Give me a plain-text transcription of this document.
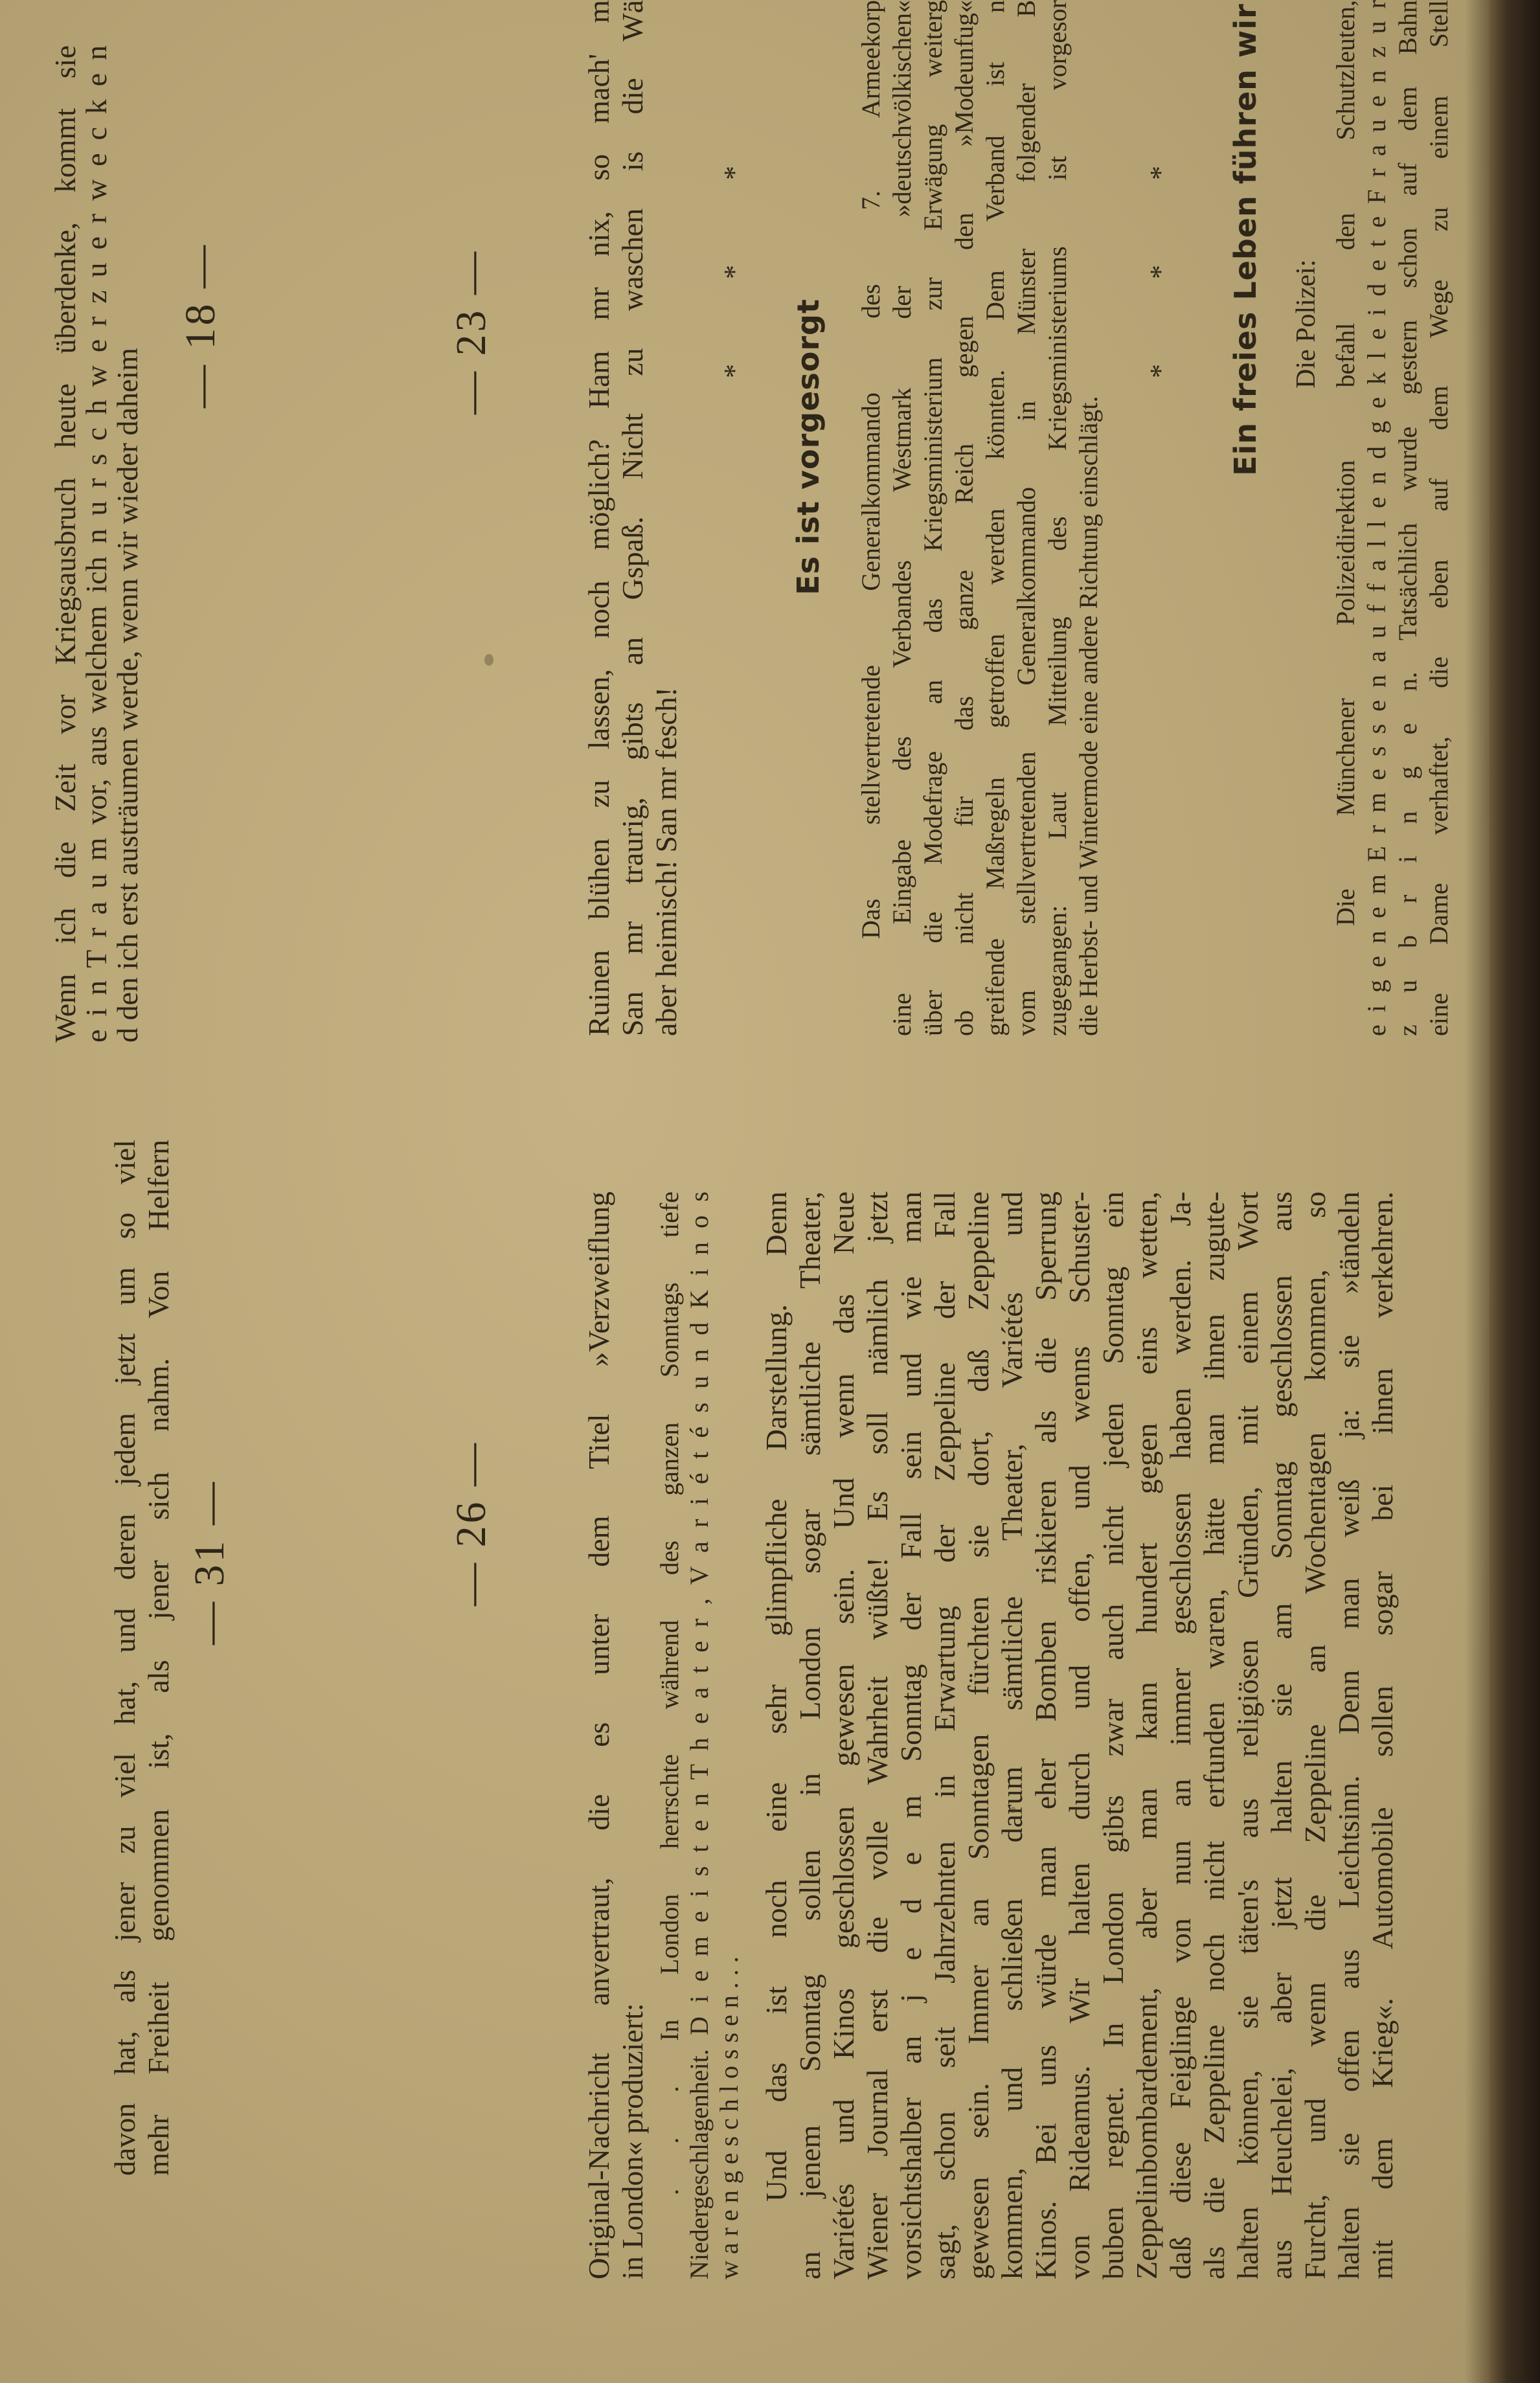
Wenn ich die Zeit vor Kriegsausbruch heute überdenke, kommt sie
e i n T r a u m vor, aus welchem ich n u r s c h w e r z u e r w e c k e n
d den ich erst austräumen werde, wenn wir wieder daheim
— 18 —	— 23 —	Ruinen blühen zu lassen, noch möglich? Ham mr nix, so mach' m San mr traurig, gibts an Gspaß. Nicht zu waschen is die Wä aber heimisch! San mr fesch!
* * *
Es ist vorgesorgt Das stellvertretende Generalkommando des 7. Armeekorp eine Eingabe des Verbandes Westmark der »deutschvölkischen« über die Modefrage an das Kriegsministerium zur Erwägung weiterg ob nicht für das ganze Reich gegen den »Modeunfug« greifende Maßregeln getroffen werden könnten. Dem Verband ist n vom stellvertretenden Generalkommando in Münster folgender B zugegangen: Laut Mitteilung des Kriegsministeriums ist vorgesor die Herbst- und Wintermode eine andere Richtung einschlägt.
* * * Ein freies Leben führen wir Die Polizei: Die Münchener Polizeidirektion befahl den Schutzleuten, e i g e n e m E r m e s s e n a u f f a l l e n d g e k l e i d e t e F r a u e n z u r z u b r i n g e n. Tatsächlich wurde gestern schon auf dem Bahn eine Dame verhaftet, die eben auf dem Wege zu einem Stell
— 26 —	Original-Nachricht anvertraut, die es unter dem Titel »Verzweiflung in London« produziert: . . . In London herrschte während des ganzen Sonntags tiefe Niedergeschlagenheit. D i e m e i s t e n T h e a t e r , V a r i é t é s u n d K i n o s w a r e n g e s c h l o s s e n . . . Und das ist noch eine sehr glimpfliche Darstellung. Denn an jenem Sonntag sollen in London sogar sämtliche Theater, Variétés und Kinos geschlossen gewesen sein. Und wenn das Neue Wiener Journal erst die volle Wahrheit wüßte! Es soll nämlich jetzt vorsichtshalber an j e d e m Sonntag der Fall sein und wie man sagt, schon seit Jahrzehnten in Erwartung der Zeppeline der Fall gewesen sein. Immer an Sonntagen fürchten sie dort, daß Zeppeline kommen, und schließen darum sämtliche Theater, Variétés und Kinos. Bei uns würde man eher Bomben riskieren als die Sperrung von Rideamus. Wir halten durch und offen, und wenns Schuster- buben regnet. In London gibts zwar auch nicht jeden Sonntag ein Zeppelinbombardement, aber man kann hundert gegen eins wetten, daß diese Feiglinge von nun an immer geschlossen haben werden. Ja- als die Zeppeline noch nicht erfunden waren, hätte man ihnen zugute- halten können, sie täten's aus religiösen Gründen, mit einem Wort aus Heuchelei, aber jetzt halten sie am Sonntag geschlossen aus Furcht, und wenn die Zeppeline an Wochentagen kommen, so halten sie offen aus Leichtsinn. Denn man weiß ja: sie »tändeln mit dem Krieg«. Automobile sollen sogar bei ihnen verkehren.
davon hat, als jener zu viel hat, und deren jedem jetzt um so viel mehr Freiheit genommen ist, als jener sich nahm. Von Helfern — 31 —
